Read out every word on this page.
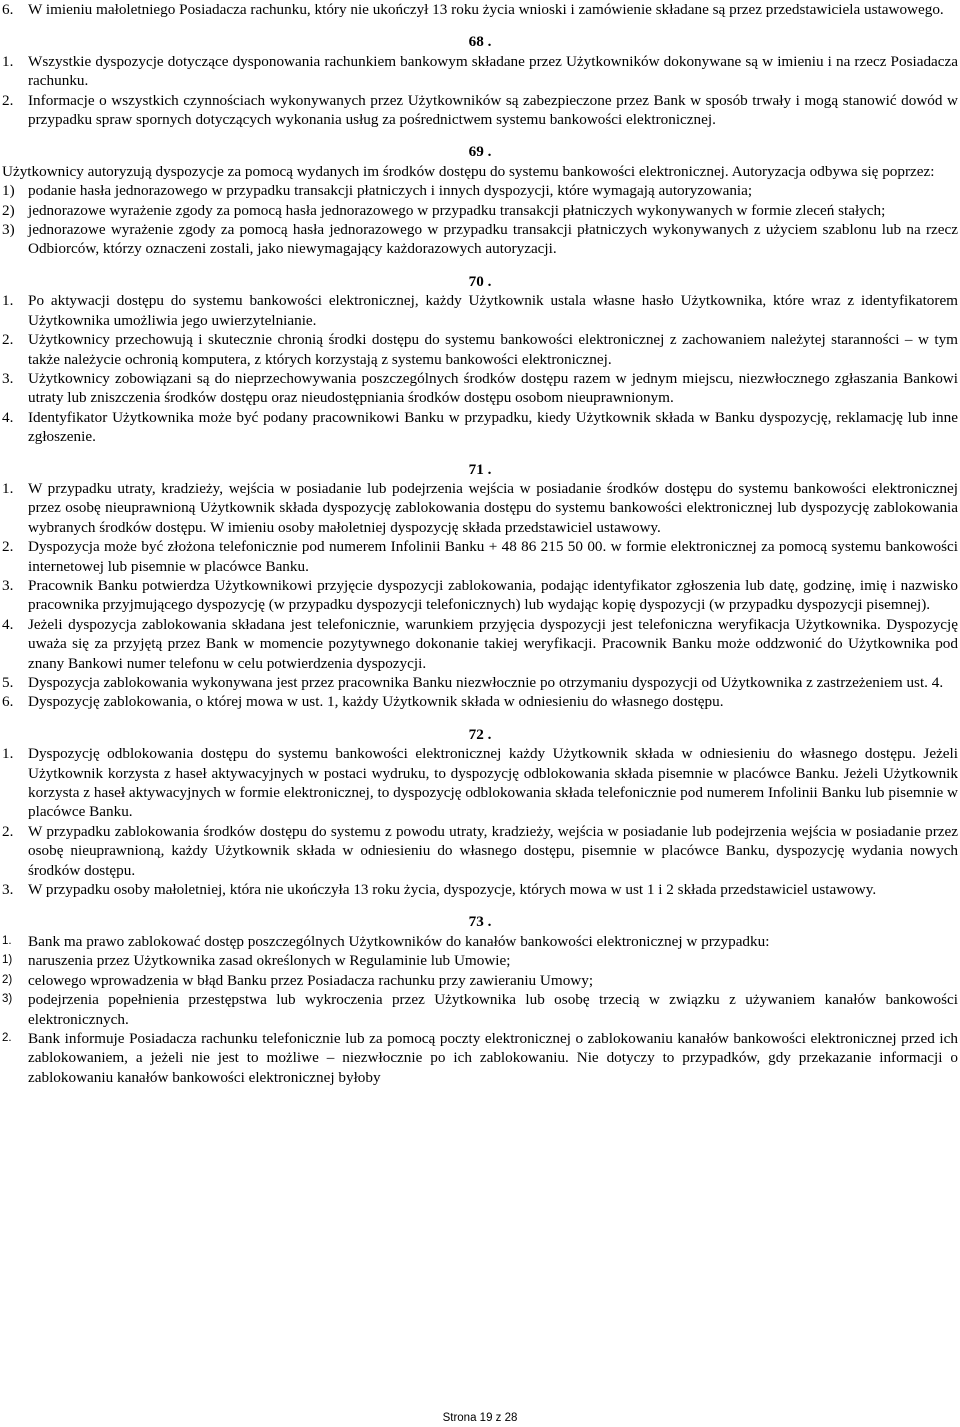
6. W imieniu małoletniego Posiadacza rachunku, który nie ukończył 13 roku życia wnioski i zamówienie składane są przez przedstawiciela ustawowego.
68 .
1. Wszystkie dyspozycje dotyczące dysponowania rachunkiem bankowym składane przez Użytkowników dokonywane są w imieniu i na rzecz Posiadacza rachunku.
2. Informacje o wszystkich czynnościach wykonywanych przez Użytkowników są zabezpieczone przez Bank w sposób trwały i mogą stanowić dowód w przypadku spraw spornych dotyczących wykonania usług za pośrednictwem systemu bankowości elektronicznej.
69 .

Użytkownicy autoryzują dyspozycje za pomocą wydanych im środków dostępu do systemu bankowości elektronicznej. Autoryzacja odbywa się poprzez:

1) podanie hasła jednorazowego w przypadku transakcji płatniczych i innych dyspozycji, które wymagają autoryzowania;
2) jednorazowe wyrażenie zgody za pomocą hasła jednorazowego w przypadku transakcji płatniczych wykonywanych w formie zleceń stałych;
3) jednorazowe wyrażenie zgody za pomocą hasła jednorazowego w przypadku transakcji płatniczych wykonywanych z użyciem szablonu lub na rzecz Odbiorców, którzy oznaczeni zostali, jako niewymagający każdorazowych autoryzacji.
70 .
1. Po aktywacji dostępu do systemu bankowości elektronicznej, każdy Użytkownik ustala własne hasło Użytkownika, które wraz z identyfikatorem Użytkownika umożliwia jego uwierzytelnianie.
2. Użytkownicy przechowują i skutecznie chronią środki dostępu do systemu bankowości elektronicznej z zachowaniem należytej staranności – w tym także należycie ochronią komputera, z których korzystają z systemu bankowości elektronicznej.
3. Użytkownicy zobowiązani są do nieprzechowywania poszczególnych środków dostępu razem w jednym miejscu, niezwłocznego zgłaszania Bankowi utraty lub zniszczenia środków dostępu oraz nieudostępniania środków dostępu osobom nieuprawnionym.
4. Identyfikator Użytkownika może być podany pracownikowi Banku w przypadku, kiedy Użytkownik składa w Banku dyspozycję, reklamację lub inne zgłoszenie.
71 .
1. W przypadku utraty, kradzieży, wejścia w posiadanie lub podejrzenia wejścia w posiadanie środków dostępu do systemu bankowości elektronicznej przez osobę nieuprawnioną Użytkownik składa dyspozycję zablokowania dostępu do systemu bankowości elektronicznej lub dyspozycję zablokowania wybranych środków dostępu. W imieniu osoby małoletniej dyspozycję składa przedstawiciel ustawowy.
2. Dyspozycja może być złożona telefonicznie pod numerem Infolinii Banku + 48 86 215 50 00. w formie elektronicznej za pomocą systemu bankowości internetowej lub pisemnie w placówce Banku.
3. Pracownik Banku potwierdza Użytkownikowi przyjęcie dyspozycji zablokowania, podając identyfikator zgłoszenia lub datę, godzinę, imię i nazwisko pracownika przyjmującego dyspozycję (w przypadku dyspozycji telefonicznych) lub wydając kopię dyspozycji (w przypadku dyspozycji pisemnej).
4. Jeżeli dyspozycja zablokowania składana jest telefonicznie, warunkiem przyjęcia dyspozycji jest telefoniczna weryfikacja Użytkownika. Dyspozycję uważa się za przyjętą przez Bank w momencie pozytywnego dokonanie takiej weryfikacji. Pracownik Banku może oddzwonić do Użytkownika pod znany Bankowi numer telefonu w celu potwierdzenia dyspozycji.
5. Dyspozycja zablokowania wykonywana jest przez pracownika Banku niezwłocznie po otrzymaniu dyspozycji od Użytkownika z zastrzeżeniem ust. 4.
6. Dyspozycję zablokowania, o której mowa w ust. 1, każdy Użytkownik składa w odniesieniu do własnego dostępu.
72 .
1. Dyspozycję odblokowania dostępu do systemu bankowości elektronicznej każdy Użytkownik składa w odniesieniu do własnego dostępu. Jeżeli Użytkownik korzysta z haseł aktywacyjnych w postaci wydruku, to dyspozycję odblokowania składa pisemnie w placówce Banku. Jeżeli Użytkownik korzysta z haseł aktywacyjnych w formie elektronicznej, to dyspozycję odblokowania składa telefonicznie pod numerem Infolinii Banku lub pisemnie w placówce Banku.
2. W przypadku zablokowania środków dostępu do systemu z powodu utraty, kradzieży, wejścia w posiadanie lub podejrzenia wejścia w posiadanie przez osobę nieuprawnioną, każdy Użytkownik składa w odniesieniu do własnego dostępu, pisemnie w placówce Banku, dyspozycję wydania nowych środków dostępu.
3. W przypadku osoby małoletniej, która nie ukończyła 13 roku życia, dyspozycje, których mowa w ust 1 i 2 składa przedstawiciel ustawowy.
73 .
1.	Bank ma prawo zablokować dostęp poszczególnych Użytkowników do kanałów bankowości elektronicznej w przypadku:
1)	naruszenia przez Użytkownika zasad określonych w Regulaminie lub Umowie;
2)	celowego wprowadzenia w błąd Banku przez Posiadacza rachunku przy zawieraniu Umowy;
3)	podejrzenia popełnienia przestępstwa lub wykroczenia przez Użytkownika lub osobę trzecią w związku z używaniem kanałów bankowości elektronicznych.
2.	Bank informuje Posiadacza rachunku telefonicznie lub za pomocą poczty elektronicznej o zablokowaniu kanałów bankowości elektronicznej przed ich zablokowaniem, a jeżeli nie jest to możliwe – niezwłocznie po ich zablokowaniu. Nie dotyczy to przypadków, gdy przekazanie informacji o zablokowaniu kanałów bankowości elektronicznej byłoby
Strona 19 z 28
